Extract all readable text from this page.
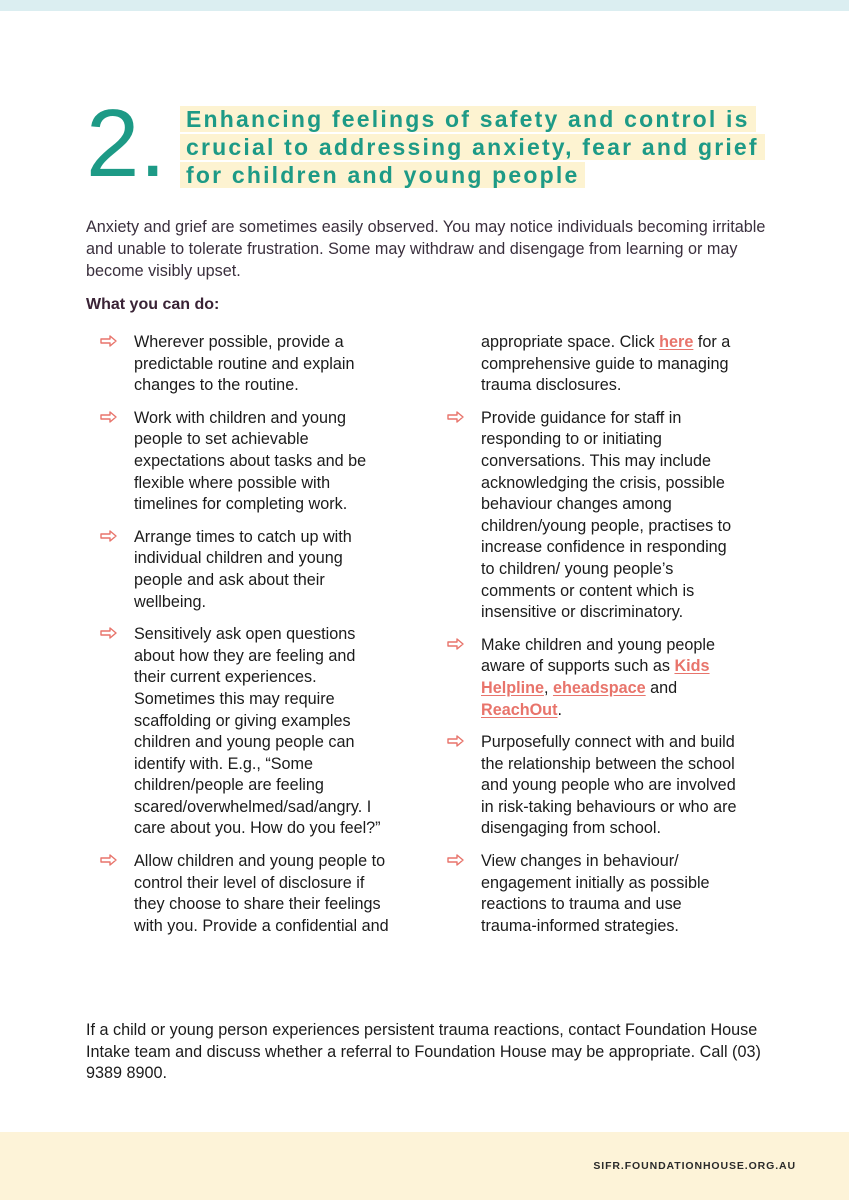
2. Enhancing feelings of safety and control is crucial to addressing anxiety, fear and grief for children and young people

Anxiety and grief are sometimes easily observed. You may notice individuals becoming irritable and unable to tolerate frustration. Some may withdraw and disengage from learning or may become visibly upset.

What you can do:
Wherever possible, provide a predictable routine and explain changes to the routine.
Work with children and young people to set achievable expectations about tasks and be flexible where possible with timelines for completing work.
Arrange times to catch up with individual children and young people and ask about their wellbeing.
Sensitively ask open questions about how they are feeling and their current experiences. Sometimes this may require scaffolding or giving examples children and young people can identify with. E.g., “Some children/people are feeling scared/overwhelmed/sad/angry. I care about you. How do you feel?”
Allow children and young people to control their level of disclosure if they choose to share their feelings with you. Provide a confidential and
appropriate space. Click here for a comprehensive guide to managing trauma disclosures.
Provide guidance for staff in responding to or initiating conversations. This may include acknowledging the crisis, possible behaviour changes among children/young people, practises to increase confidence in responding to children/ young people’s comments or content which is insensitive or discriminatory.
Make children and young people aware of supports such as Kids Helpline, eheadspace and ReachOut.
Purposefully connect with and build the relationship between the school and young people who are involved in risk-taking behaviours or who are disengaging from school.
View changes in behaviour/ engagement initially as possible reactions to trauma and use trauma-informed strategies.

If a child or young person experiences persistent trauma reactions, contact Foundation House Intake team and discuss whether a referral to Foundation House may be appropriate. Call (03) 9389 8900.

SIFR.FOUNDATIONHOUSE.ORG.AU
